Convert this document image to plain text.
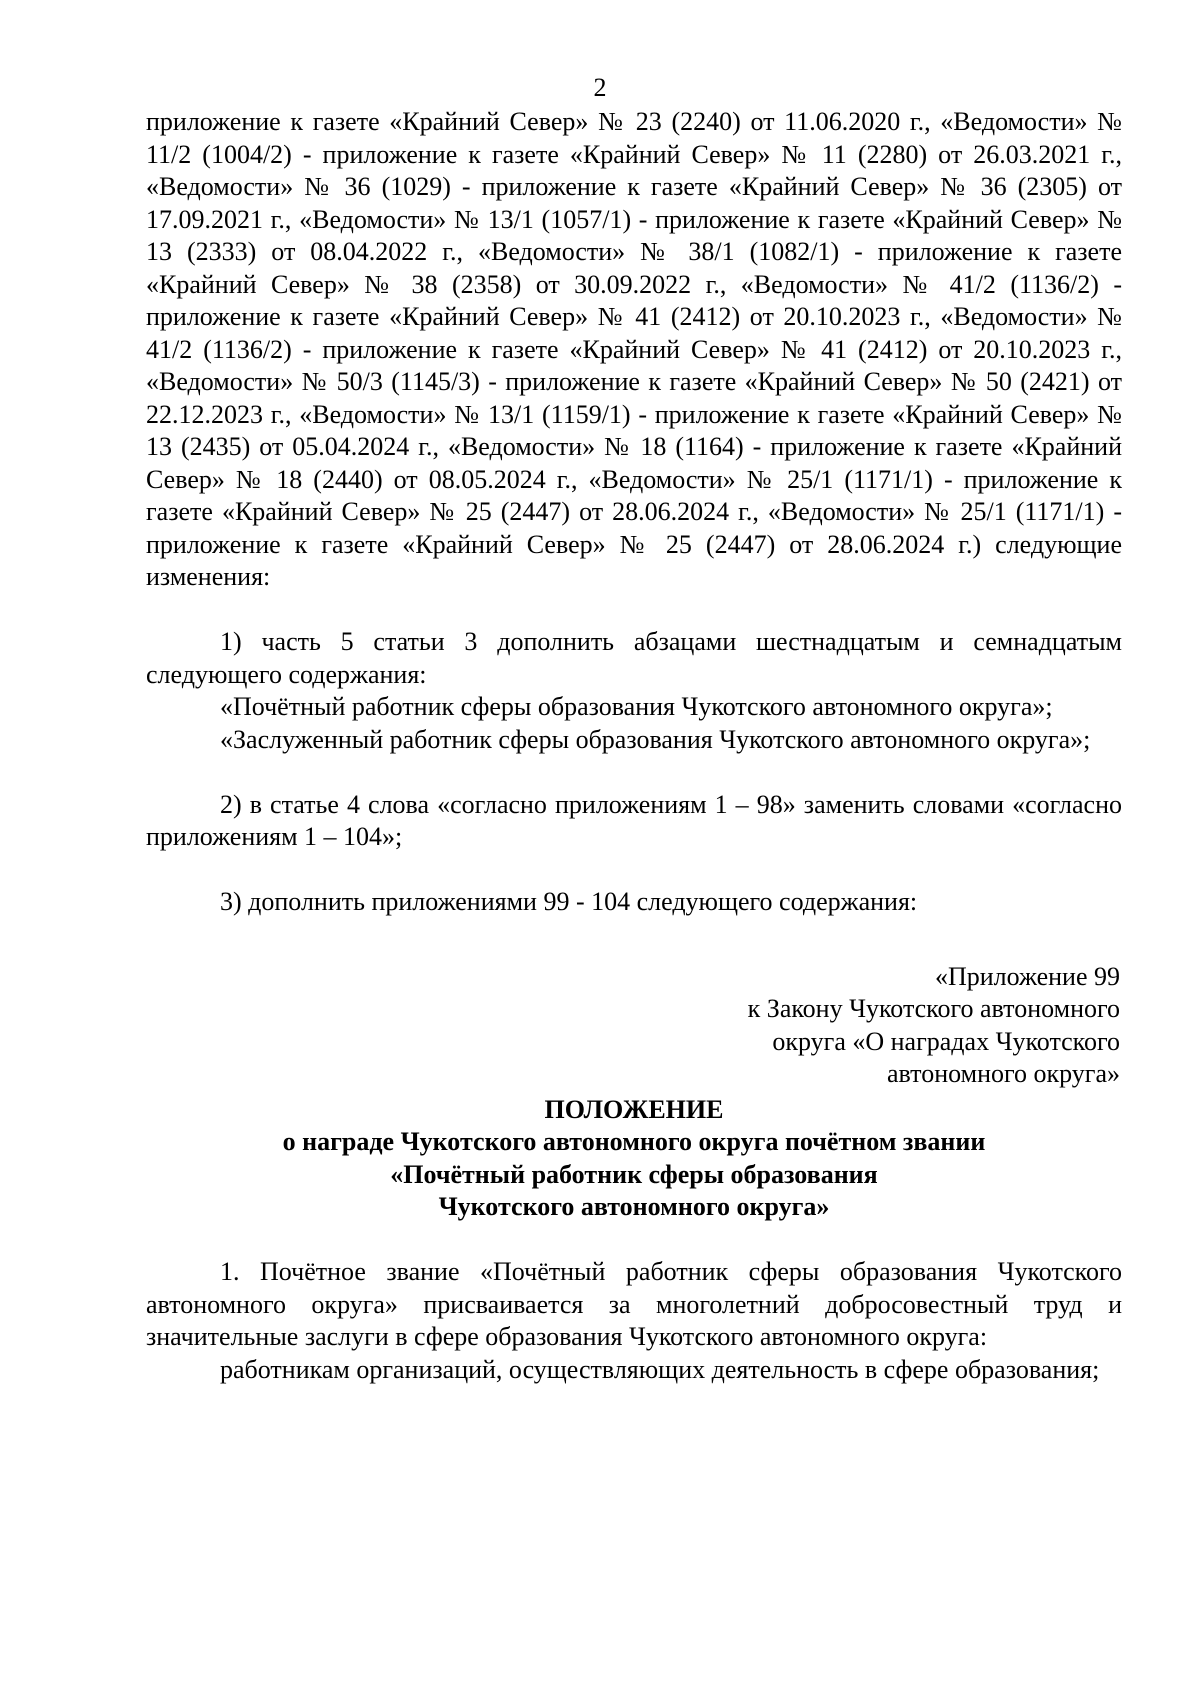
2

приложение к газете «Крайний Север» № 23 (2240) от 11.06.2020 г., «Ведомости» № 11/2 (1004/2) - приложение к газете «Крайний Север» № 11 (2280) от 26.03.2021 г., «Ведомости» № 36 (1029) - приложение к газете «Крайний Север» № 36 (2305) от 17.09.2021 г., «Ведомости» № 13/1 (1057/1) - приложение к газете «Крайний Север» № 13 (2333) от 08.04.2022 г., «Ведомости» № 38/1 (1082/1) - приложение к газете «Крайний Север» № 38 (2358) от 30.09.2022 г., «Ведомости» № 41/2 (1136/2) - приложение к газете «Крайний Север» № 41 (2412) от 20.10.2023 г., «Ведомости» № 41/2 (1136/2) - приложение к газете «Крайний Север» № 41 (2412) от 20.10.2023 г., «Ведомости» № 50/3 (1145/3) - приложение к газете «Крайний Север» № 50 (2421) от 22.12.2023 г., «Ведомости» № 13/1 (1159/1) - приложение к газете «Крайний Север» № 13 (2435) от 05.04.2024 г., «Ведомости» № 18 (1164) - приложение к газете «Крайний Север» № 18 (2440) от 08.05.2024 г., «Ведомости» № 25/1 (1171/1) - приложение к газете «Крайний Север» № 25 (2447) от 28.06.2024 г., «Ведомости» № 25/1 (1171/1) - приложение к газете «Крайний Север» № 25 (2447) от 28.06.2024 г.) следующие изменения:

1) часть 5 статьи 3 дополнить абзацами шестнадцатым и семнадцатым следующего содержания:

«Почётный работник сферы образования Чукотского автономного округа»;

«Заслуженный работник сферы образования Чукотского автономного округа»;

2) в статье 4 слова «согласно приложениям 1 – 98» заменить словами «согласно приложениям 1 – 104»;

3) дополнить приложениями 99 - 104 следующего содержания:

«Приложение 99
к Закону Чукотского автономного
округа «О наградах Чукотского
автономного округа»
ПОЛОЖЕНИЕ
о награде Чукотского автономного округа почётном звании
«Почётный работник сферы образования
Чукотского автономного округа»

1. Почётное звание «Почётный работник сферы образования Чукотского автономного округа» присваивается за многолетний добросовестный труд и значительные заслуги в сфере образования Чукотского автономного округа:

работникам организаций, осуществляющих деятельность в сфере образования;
